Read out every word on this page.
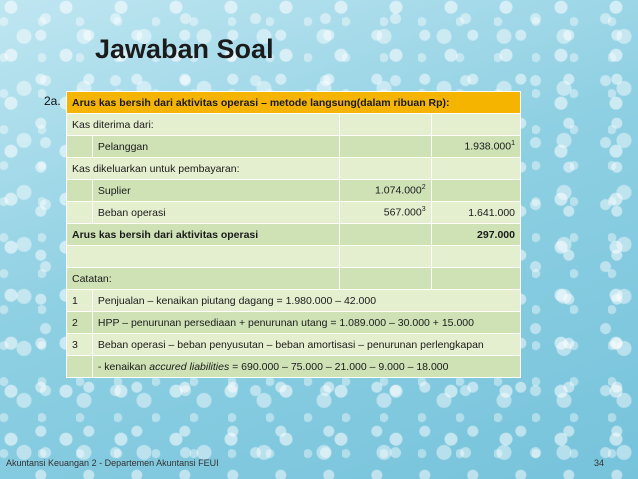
Jawaban Soal
2a. Arus kas bersih dari aktivitas operasi – metode langsung(dalam ribuan Rp):			
Kas diterima dari:			
	Pelanggan		1.938.000$^1$
Kas dikeluarkan untuk pembayaran:			
	Suplier	1.074.000$^2$	
	Beban operasi	567.000$^3$	1.641.000
Arus kas bersih dari aktivitas operasi			297.000

Catatan:			
1	Penjualan – kenaikan piutang dagang = 1.980.000 – 42.000		
2	HPP – penurunan persediaan + penurunan utang = 1.089.000 – 30.000 + 15.000		
3	Beban operasi – beban penyusutan – beban amortisasi – penurunan perlengkapan		
	- kenaikan accured liabilities = 690.000 – 75.000 – 21.000 – 9.000 – 18.000		
Akuntansi Keuangan 2 - Departemen Akuntansi FEUI	34
